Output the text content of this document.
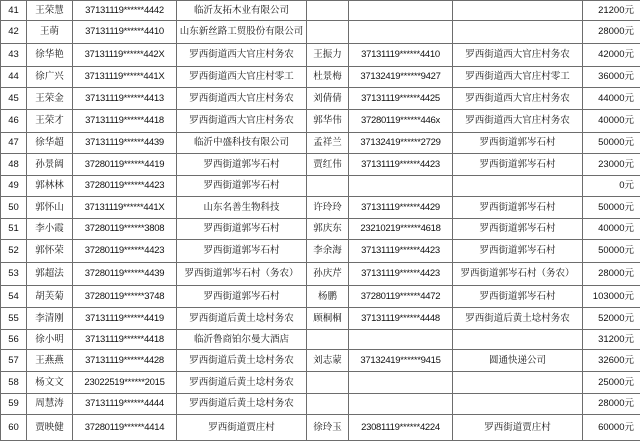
41	王荣慧	37131119******4442	临沂友拓木业有限公司				21200元
42	王萌	37131119******4410	山东新丝路工贸股份有限公司				28000元
43	徐华艳	37131119******442X	罗西街道西大官庄村务农	王振力	37131119******4410	罗西街道西大官庄村务农	42000元
44	徐广兴	37131119******441X	罗西街道西大官庄村零工	杜景梅	37132419******9427	罗西街道西大官庄村零工	36000元
45	王荣金	37131119******4413	罗西街道西大官庄村务农	刘倩倩	37131119******4425	罗西街道西大官庄村务农	44000元
46	王荣才	37131119******4418	罗西街道西大官庄村务农	郭华伟	37280119******446x	罗西街道西大官庄村务农	40000元
47	徐华超	37131119******4439	临沂中盛科技有限公司	孟祥兰	37132419******2729	罗西街道郭岑石村	50000元
48	孙景阔	37280119******4419	罗西街道郭岑石村	贾红伟	37131119******4423	罗西街道郭岑石村	23000元
49	郭林林	37280119******4423	罗西街道郭岑石村				0元
50	郭怀山	37131119******441X	山东名善生物科技	许玲玲	37131119******4429	罗西街道郭岑石村	50000元
51	李小霞	37280119******3808	罗西街道郭岑石村	郭庆东	23210219******4618	罗西街道郭岑石村	40000元
52	郭怀荣	37280119******4423	罗西街道郭岑石村	李余海	37131119******4423	罗西街道郭岑石村	50000元
53	郭超法	37280119******4439	罗西街道郭岑石村（务农）	孙庆芹	37131119******4423	罗西街道郭岑石村（务农）	28000元
54	胡芙菊	37280119******3748	罗西街道郭岑石村	杨鹏	37280119******4472	罗西街道郭岑石村	103000元
55	李清刚	37131119******4419	罗西街道后黄土埝村务农	顾桐桐	37131119******4448	罗西街道后黄土埝村务农	52000元
56	徐小明	37131119******4418	临沂鲁商铂尔曼大酒店				31200元
57	王燕燕	37131119******4428	罗西街道后黄土埝村务农	刘志蒙	37132419******9415	圆通快递公司	32600元
58	杨文文	23022519******2015	罗西街道后黄土埝村务农				25000元
59	周慧涛	37131119******4444	罗西街道后黄土埝村务农				28000元
60	贾映健	37280119******4414	罗西街道贾庄村	徐玲玉	23081119******4224	罗西街道贾庄村	60000元
